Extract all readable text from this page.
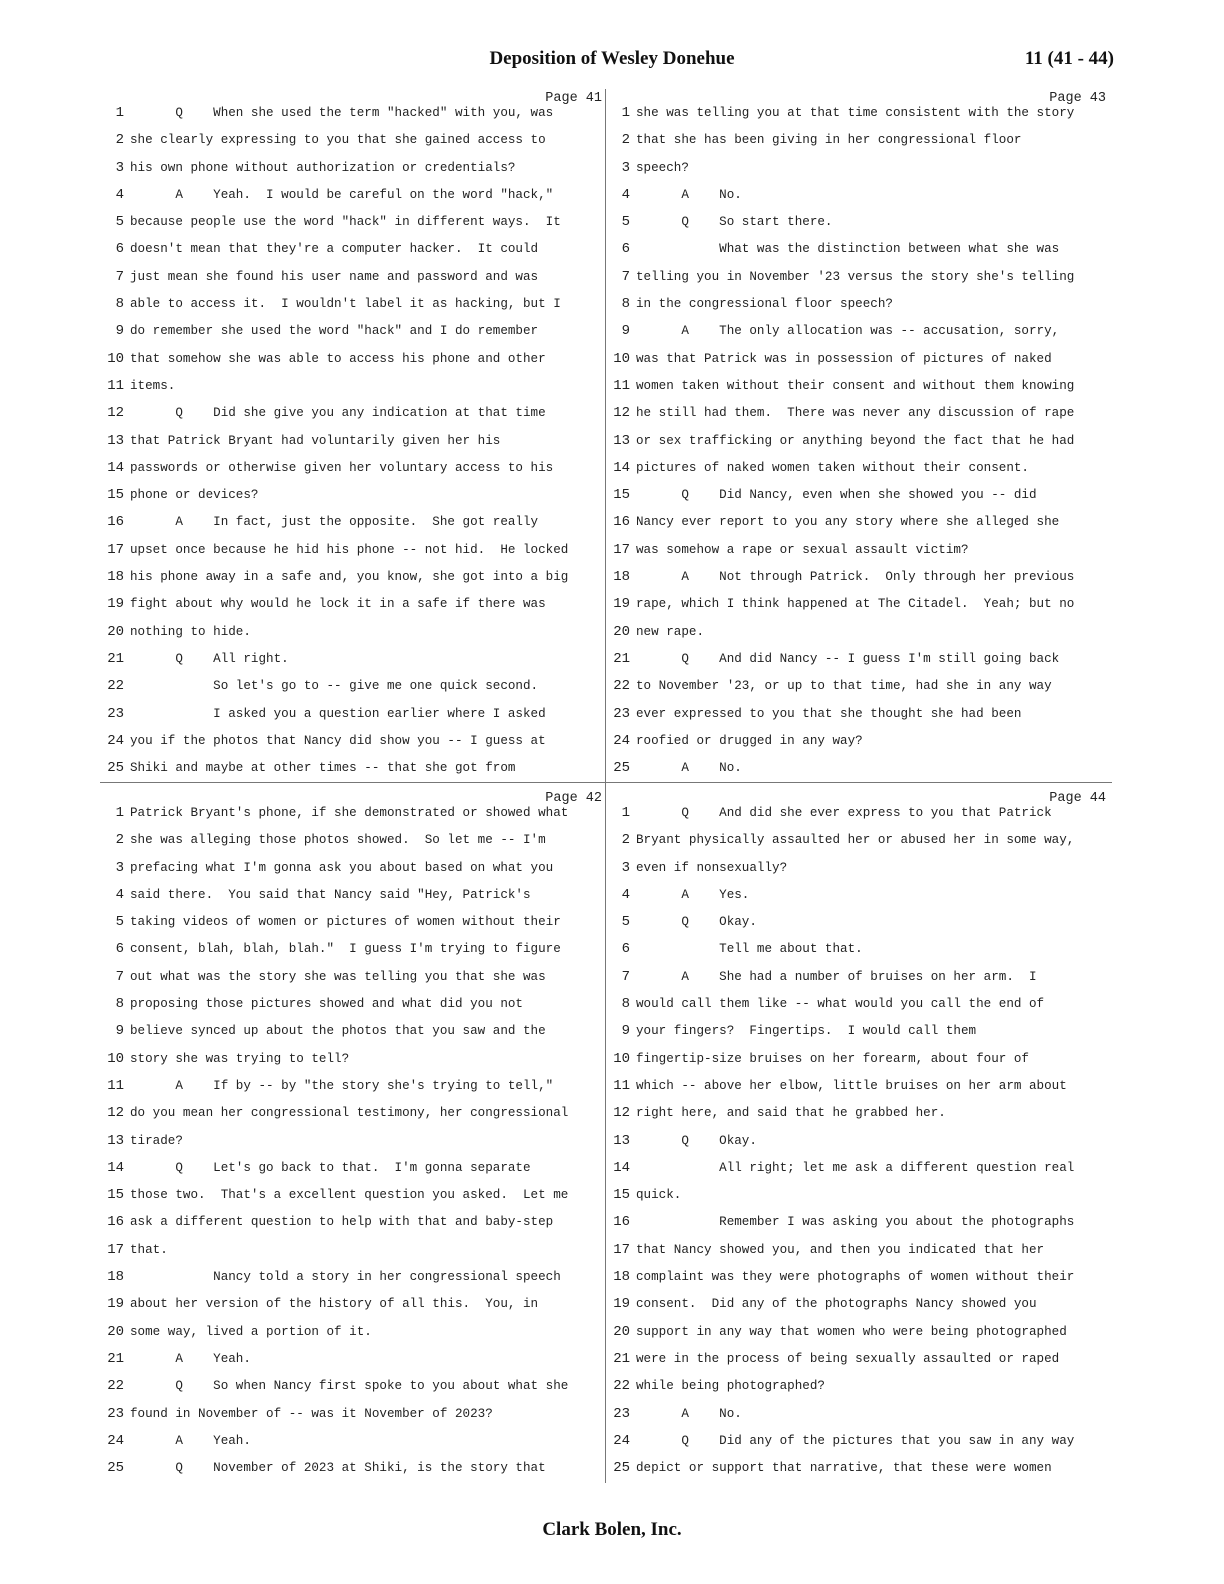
Deposition of Wesley Donehue	11 (41 - 44)
Page 41
1 Q    When she used the term "hacked" with you, was
2 she clearly expressing to you that she gained access to
3 his own phone without authorization or credentials?
4 A    Yeah.  I would be careful on the word "hack,"
5 because people use the word "hack" in different ways.  It
6 doesn't mean that they're a computer hacker.  It could
7 just mean she found his user name and password and was
8 able to access it.  I wouldn't label it as hacking, but I
9 do remember she used the word "hack" and I do remember
10 that somehow she was able to access his phone and other
11 items.
12 Q    Did she give you any indication at that time
13 that Patrick Bryant had voluntarily given her his
14 passwords or otherwise given her voluntary access to his
15 phone or devices?
16 A    In fact, just the opposite.  She got really
17 upset once because he hid his phone -- not hid.  He locked
18 his phone away in a safe and, you know, she got into a big
19 fight about why would he lock it in a safe if there was
20 nothing to hide.
21 Q    All right.
22 So let's go to -- give me one quick second.
23 I asked you a question earlier where I asked
24 you if the photos that Nancy did show you -- I guess at
25 Shiki and maybe at other times -- that she got from
Page 43
1 she was telling you at that time consistent with the story
2 that she has been giving in her congressional floor
3 speech?
4 A    No.
5 Q    So start there.
6 What was the distinction between what she was
7 telling you in November '23 versus the story she's telling
8 in the congressional floor speech?
9 A    The only allocation was -- accusation, sorry,
10 was that Patrick was in possession of pictures of naked
11 women taken without their consent and without them knowing
12 he still had them.  There was never any discussion of rape
13 or sex trafficking or anything beyond the fact that he had
14 pictures of naked women taken without their consent.
15 Q    Did Nancy, even when she showed you -- did
16 Nancy ever report to you any story where she alleged she
17 was somehow a rape or sexual assault victim?
18 A    Not through Patrick.  Only through her previous
19 rape, which I think happened at The Citadel.  Yeah; but no
20 new rape.
21 Q    And did Nancy -- I guess I'm still going back
22 to November '23, or up to that time, had she in any way
23 ever expressed to you that she thought she had been
24 roofied or drugged in any way?
25 A    No.
Page 42
1 Patrick Bryant's phone, if she demonstrated or showed what
2 she was alleging those photos showed.  So let me -- I'm
3 prefacing what I'm gonna ask you about based on what you
4 said there.  You said that Nancy said "Hey, Patrick's
5 taking videos of women or pictures of women without their
6 consent, blah, blah, blah."  I guess I'm trying to figure
7 out what was the story she was telling you that she was
8 proposing those pictures showed and what did you not
9 believe synced up about the photos that you saw and the
10 story she was trying to tell?
11 A    If by -- by "the story she's trying to tell,"
12 do you mean her congressional testimony, her congressional
13 tirade?
14 Q    Let's go back to that.  I'm gonna separate
15 those two.  That's a excellent question you asked.  Let me
16 ask a different question to help with that and baby-step
17 that.
18 Nancy told a story in her congressional speech
19 about her version of the history of all this.  You, in
20 some way, lived a portion of it.
21 A    Yeah.
22 Q    So when Nancy first spoke to you about what she
23 found in November of -- was it November of 2023?
24 A    Yeah.
25 Q    November of 2023 at Shiki, is the story that
Page 44
1 Q    And did she ever express to you that Patrick
2 Bryant physically assaulted her or abused her in some way,
3 even if nonsexually?
4 A    Yes.
5 Q    Okay.
6 Tell me about that.
7 A    She had a number of bruises on her arm.  I
8 would call them like -- what would you call the end of
9 your fingers?  Fingertips.  I would call them
10 fingertip-size bruises on her forearm, about four of
11 which -- above her elbow, little bruises on her arm about
12 right here, and said that he grabbed her.
13 Q    Okay.
14 All right; let me ask a different question real
15 quick.
16 Remember I was asking you about the photographs
17 that Nancy showed you, and then you indicated that her
18 complaint was they were photographs of women without their
19 consent.  Did any of the photographs Nancy showed you
20 support in any way that women who were being photographed
21 were in the process of being sexually assaulted or raped
22 while being photographed?
23 A    No.
24 Q    Did any of the pictures that you saw in any way
25 depict or support that narrative, that these were women
Clark Bolen, Inc.
